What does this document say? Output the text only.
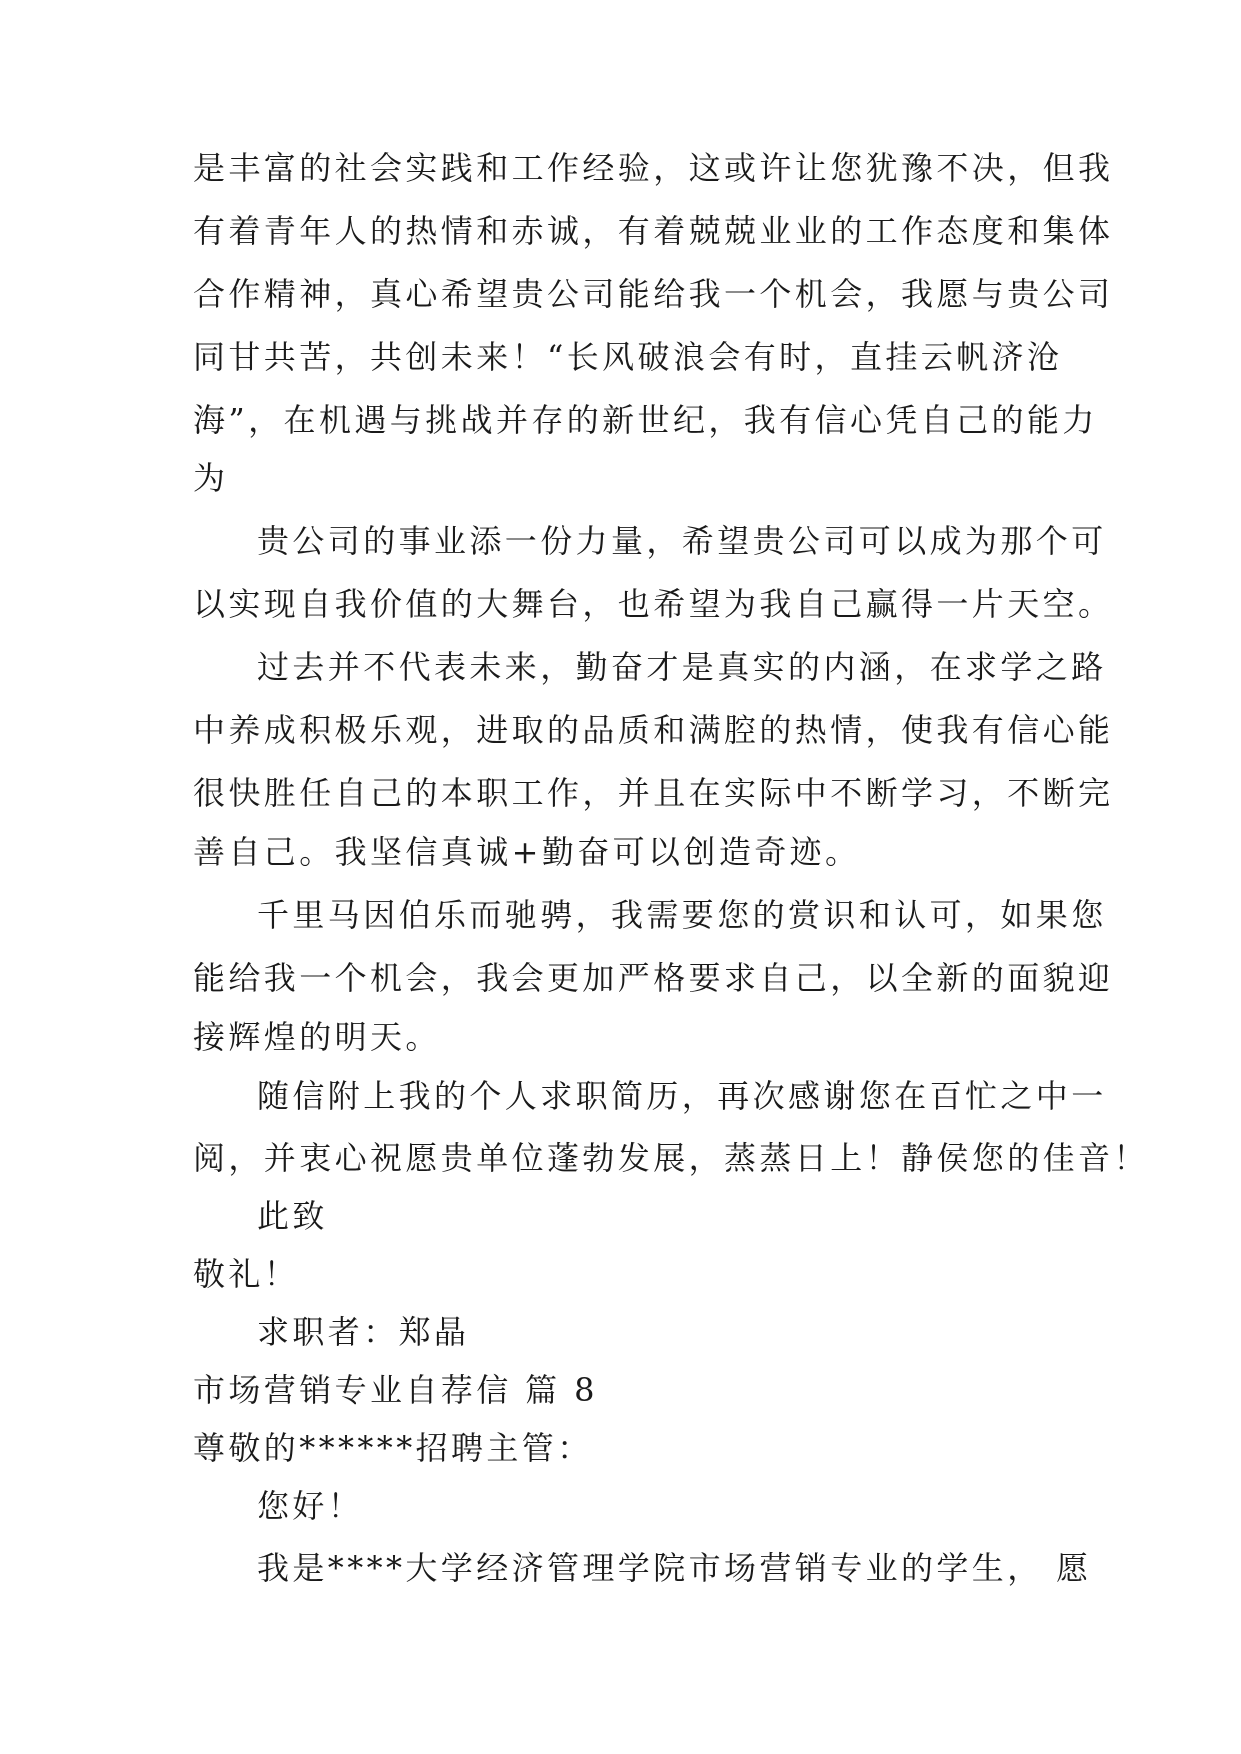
是丰富的社会实践和工作经验，这或许让您犹豫不决，但我
有着青年人的热情和赤诚，有着兢兢业业的工作态度和集体
合作精神，真心希望贵公司能给我一个机会，我愿与贵公司
同甘共苦，共创未来！“长风破浪会有时，直挂云帆济沧
海”，在机遇与挑战并存的新世纪，我有信心凭自己的能力
为
贵公司的事业添一份力量，希望贵公司可以成为那个可
以实现自我价值的大舞台，也希望为我自己赢得一片天空。
过去并不代表未来，勤奋才是真实的内涵，在求学之路
中养成积极乐观，进取的品质和满腔的热情，使我有信心能
很快胜任自己的本职工作，并且在实际中不断学习，不断完
善自己。我坚信真诚+勤奋可以创造奇迹。
千里马因伯乐而驰骋，我需要您的赏识和认可，如果您
能给我一个机会，我会更加严格要求自己，以全新的面貌迎
接辉煌的明天。
随信附上我的个人求职简历，再次感谢您在百忙之中一
阅，并衷心祝愿贵单位蓬勃发展，蒸蒸日上！静侯您的佳音！
此致
敬礼！
求职者：郑晶
市场营销专业自荐信 篇 8
尊敬的******招聘主管：
您好！
我是****大学经济管理学院市场营销专业的学生， 愿
